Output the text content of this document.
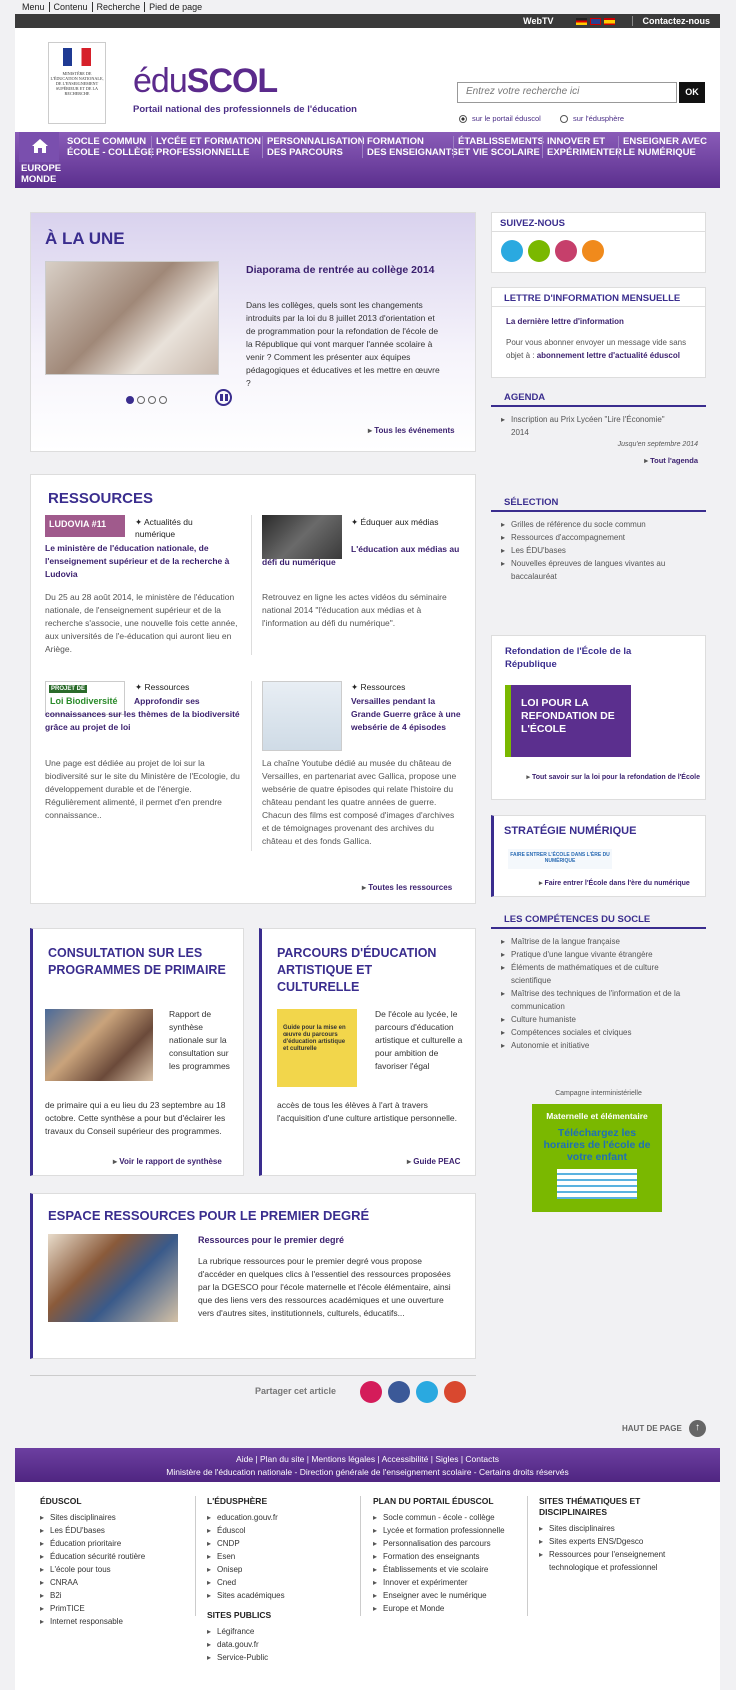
Menu Contenu Recherche Pied de page
WebTV	Contactez-nous
MINISTÈRE DE L'ÉDUCATION NATIONALE, DE L'ENSEIGNEMENT SUPÉRIEUR ET DE LA RECHERCHE	éduSCOL
Portail national des professionnels de l'éducation
Entrez votre recherche ici	OK
sur le portail éduscol	sur l'édusphère
SOCLE COMMUN
ÉCOLE - COLLÈGE
LYCÉE ET FORMATION
PROFESSIONNELLE
PERSONNALISATION
DES PARCOURS
FORMATION
DES ENSEIGNANTS
ÉTABLISSEMENTS
ET VIE SCOLAIRE
INNOVER ET
EXPÉRIMENTER
ENSEIGNER AVEC
LE NUMÉRIQUE
EUROPE
MONDE
À LA UNE
Diaporama de rentrée au collège 2014
Dans les collèges, quels sont les changements introduits par la loi du 8 juillet 2013 d'orientation et de programmation pour la refondation de l'école de la République qui vont marquer l'année scolaire à venir ? Comment les présenter aux équipes pédagogiques et éducatives et les mettre en œuvre ?
▸ Tous les événements
RESSOURCES
LUDOVIA #11	✦ Actualités du numérique
Le ministère de l'éducation nationale, de l'enseignement supérieur et de la recherche à Ludovia
Du 25 au 28 août 2014, le ministère de l'éducation nationale, de l'enseignement supérieur et de la recherche s'associe, une nouvelle fois cette année, aux universités de l'e-éducation qui auront lieu en Ariège.
✦ Éduquer aux médias
L'éducation aux médias au défi du numérique
Retrouvez en ligne les actes vidéos du séminaire national 2014 "l'éducation aux médias et à l'information au défi du numérique".
PROJET DE
Loi Biodiversité
✦ Ressources
Approfondir ses connaissances sur les thèmes de la biodiversité grâce au projet de loi
Une page est dédiée au projet de loi sur la biodiversité sur le site du Ministère de l'Ecologie, du développement durable et de l'énergie. Régulièrement alimenté, il permet d'en prendre connaissance..
✦ Ressources
Versailles pendant la Grande Guerre grâce à une websérie de 4 épisodes
La chaîne Youtube dédié au musée du château de Versailles, en partenariat avec Gallica, propose une websérie de quatre épisodes qui relate l'histoire du château pendant les quatre années de guerre. Chacun des films est composé d'images d'archives et de témoignages provenant des archives du château et des fonds Gallica.
▸ Toutes les ressources
CONSULTATION SUR LES PROGRAMMES DE PRIMAIRE
Rapport de synthèse nationale sur la consultation sur les programmes
de primaire qui a eu lieu du 23 septembre au 18 octobre. Cette synthèse a pour but d'éclairer les travaux du Conseil supérieur des programmes.
▸ Voir le rapport de synthèse
PARCOURS D'ÉDUCATION ARTISTIQUE ET CULTURELLE
Guide pour la mise en œuvre du parcours d'éducation artistique et culturelle
De l'école au lycée, le parcours d'éducation artistique et culturelle a pour ambition de favoriser l'égal
accès de tous les élèves à l'art à travers l'acquisition d'une culture artistique personnelle.
▸ Guide PEAC
ESPACE RESSOURCES POUR LE PREMIER DEGRÉ
Ressources pour le premier degré
La rubrique ressources pour le premier degré vous propose d'accéder en quelques clics à l'essentiel des ressources proposées par la DGESCO pour l'école maternelle et l'école élémentaire, ainsi que des liens vers des ressources académiques et une ouverture vers d'autres sites, institutionnels, culturels, éducatifs...
Partager cet article
HAUT DE PAGE	↑
SUIVEZ-NOUS
LETTRE D'INFORMATION MENSUELLE
La dernière lettre d'information
Pour vous abonner envoyer un message vide sans objet à : abonnement lettre d'actualité éduscol
AGENDA
▸ Inscription au Prix Lycéen "Lire l'Économie" 2014
Jusqu'en septembre 2014
▸ Tout l'agenda
SÉLECTION
▸ Grilles de référence du socle commun
▸ Ressources d'accompagnement
▸ Les ÉDU'bases
▸ Nouvelles épreuves de langues vivantes au baccalauréat
Refondation de l'École de la République
LOI POUR LA REFONDATION DE L'ÉCOLE
▸ Tout savoir sur la loi pour la refondation de l'École
STRATÉGIE NUMÉRIQUE
FAIRE ENTRER L'ÉCOLE DANS L'ÈRE DU NUMÉRIQUE
▸ Faire entrer l'École dans l'ère du numérique
LES COMPÉTENCES DU SOCLE
▸ Maîtrise de la langue française
▸ Pratique d'une langue vivante étrangère
▸ Éléments de mathématiques et de culture scientifique
▸ Maîtrise des techniques de l'information et de la communication
▸ Culture humaniste
▸ Compétences sociales et civiques
▸ Autonomie et initiative
Campagne interministérielle
Maternelle et élémentaire
Téléchargez les horaires de l'école de votre enfant
Aide | Plan du site | Mentions légales | Accessibilité | Sigles | Contacts
Ministère de l'éducation nationale - Direction générale de l'enseignement scolaire - Certains droits réservés
ÉDUSCOL
▸ Sites disciplinaires
▸ Les ÉDU'bases
▸ Éducation prioritaire
▸ Éducation sécurité routière
▸ L'école pour tous
▸ CNRAA
▸ B2i
▸ PrimTICE
▸ Internet responsable
L'ÉDUSPHÈRE
▸ education.gouv.fr
▸ Éduscol
▸ CNDP
▸ Esen
▸ Onisep
▸ Cned
▸ Sites académiques
SITES PUBLICS
▸ Légifrance
▸ data.gouv.fr
▸ Service-Public
PLAN DU PORTAIL ÉDUSCOL
▸ Socle commun - école - collège
▸ Lycée et formation professionnelle
▸ Personnalisation des parcours
▸ Formation des enseignants
▸ Établissements et vie scolaire
▸ Innover et expérimenter
▸ Enseigner avec le numérique
▸ Europe et Monde
SITES THÉMATIQUES ET DISCIPLINAIRES
▸ Sites disciplinaires
▸ Sites experts ENS/Dgesco
▸ Ressources pour l'enseignement technologique et professionnel
